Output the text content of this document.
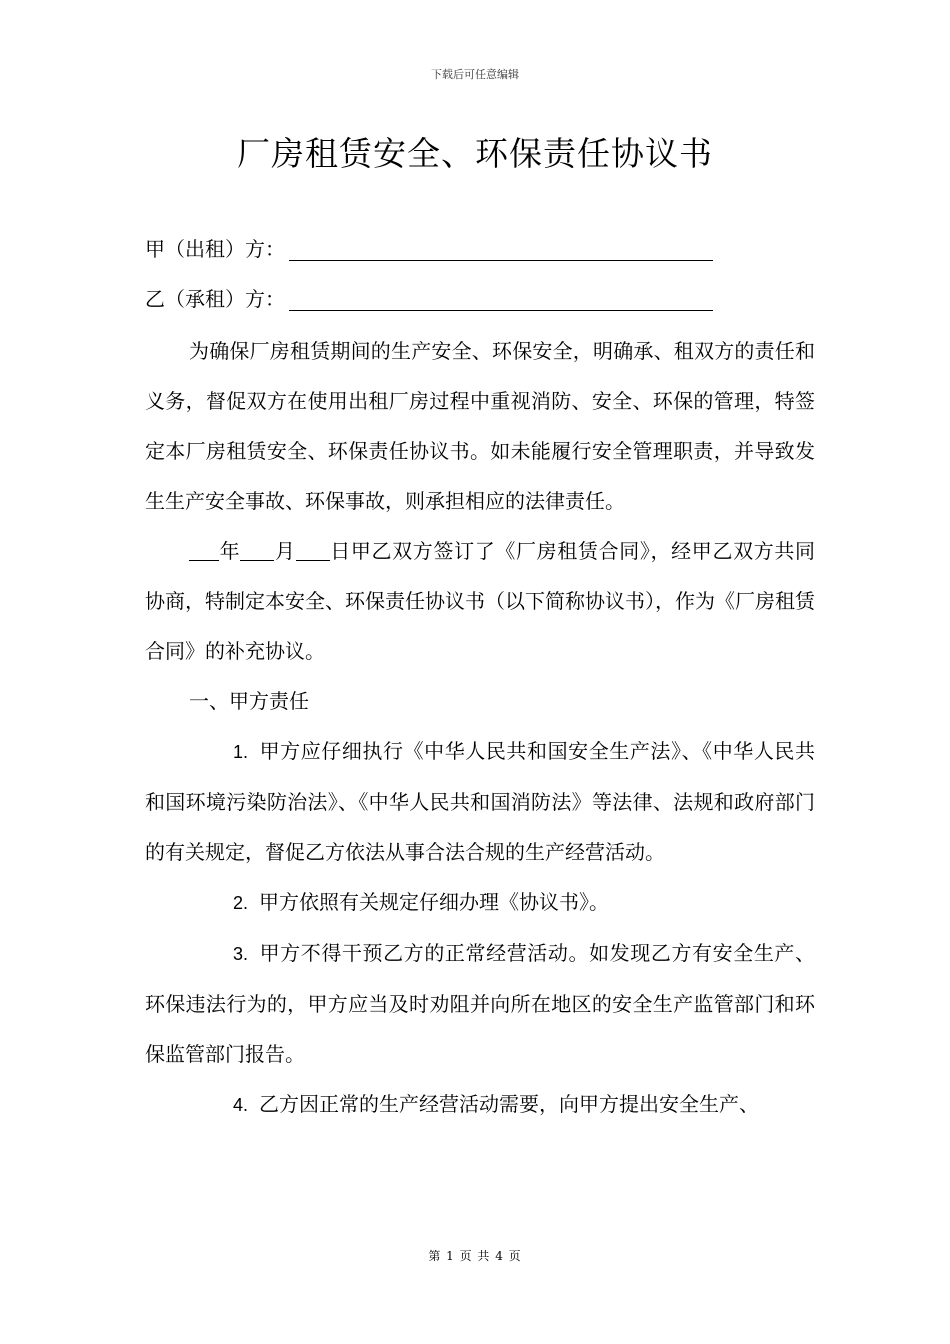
下载后可任意编辑
厂房租赁安全、环保责任协议书
甲（出租）方：
乙（承租）方：

为确保厂房租赁期间的生产安全、环保安全，明确承、租双方的责任和义务，督促双方在使用出租厂房过程中重视消防、安全、环保的管理，特签定本厂房租赁安全、环保责任协议书。如未能履行安全管理职责，并导致发生生产安全事故、环保事故，则承担相应的法律责任。

年 月 日甲乙双方签订了《厂房租赁合同》，经甲乙双方共同协商，特制定本安全、环保责任协议书（以下简称协议书），作为《厂房租赁合同》的补充协议。

一、甲方责任

1. 甲方应仔细执行《中华人民共和国安全生产法》、《中华人民共和国环境污染防治法》、《中华人民共和国消防法》等法律、法规和政府部门的有关规定，督促乙方依法从事合法合规的生产经营活动。

2. 甲方依照有关规定仔细办理《协议书》。

3. 甲方不得干预乙方的正常经营活动。如发现乙方有安全生产、环保违法行为的，甲方应当及时劝阻并向所在地区的安全生产监管部门和环保监管部门报告。

4. 乙方因正常的生产经营活动需要，向甲方提出安全生产、

第 1 页 共 4 页
